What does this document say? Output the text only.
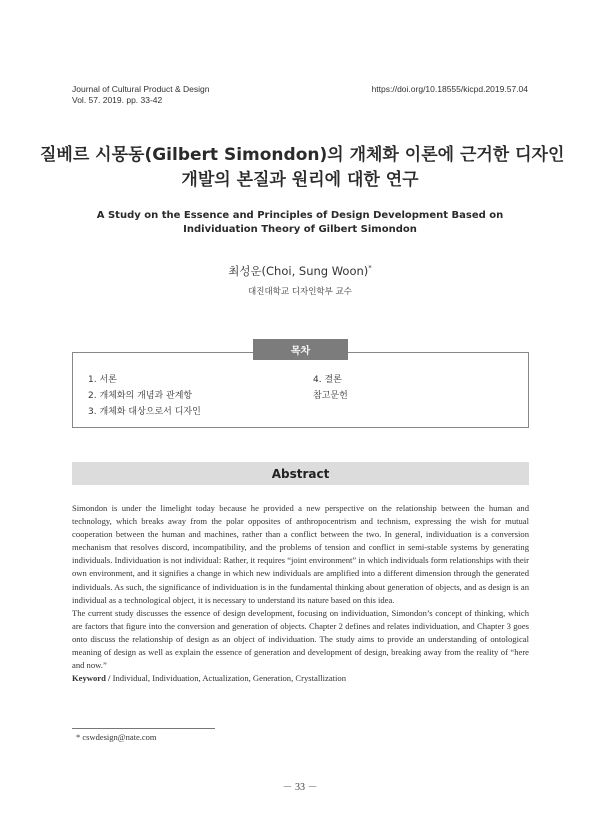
Journal of Cultural Product & Design
Vol. 57. 2019. pp. 33-42
https://doi.org/10.18555/kicpd.2019.57.04
질베르 시몽동(Gilbert Simondon)의 개체화 이론에 근거한 디자인
개발의 본질과 원리에 대한 연구
A Study on the Essence and Principles of Design Development Based on Individuation Theory of Gilbert Simondon
최성운(Choi, Sung Woon)*
대진대학교 디자인학부 교수
목차
1. 서론
2. 개체화의 개념과 관계항
3. 개체화 대상으로서 디자인
4. 결론
참고문헌
Abstract

Simondon is under the limelight today because he provided a new perspective on the relationship between the human and technology, which breaks away from the polar opposites of anthropocentrism and technism, expressing the wish for mutual cooperation between the human and machines, rather than a conflict between the two. In general, individuation is a conversion mechanism that resolves discord, incompatibility, and the problems of tension and conflict in semi-stable systems by generating individuals. Individuation is not individual: Rather, it requires “joint environment” in which individuals form relationships with their own environment, and it signifies a change in which new individuals are amplified into a different dimension through the generated individuals. As such, the significance of individuation is in the fundamental thinking about generation of objects, and as design is an individual as a technological object, it is necessary to understand its nature based on this idea.

The current study discusses the essence of design development, focusing on individuation, Simondon’s concept of thinking, which are factors that figure into the conversion and generation of objects. Chapter 2 defines and relates individuation, and Chapter 3 goes onto discuss the relationship of design as an object of individuation. The study aims to provide an understanding of ontological meaning of design as well as explain the essence of generation and development of design, breaking away from the reality of “here and now.”

Keyword / Individual, Individuation, Actualization, Generation, Crystallization

* cswdesign@nate.com
－ 33 －
